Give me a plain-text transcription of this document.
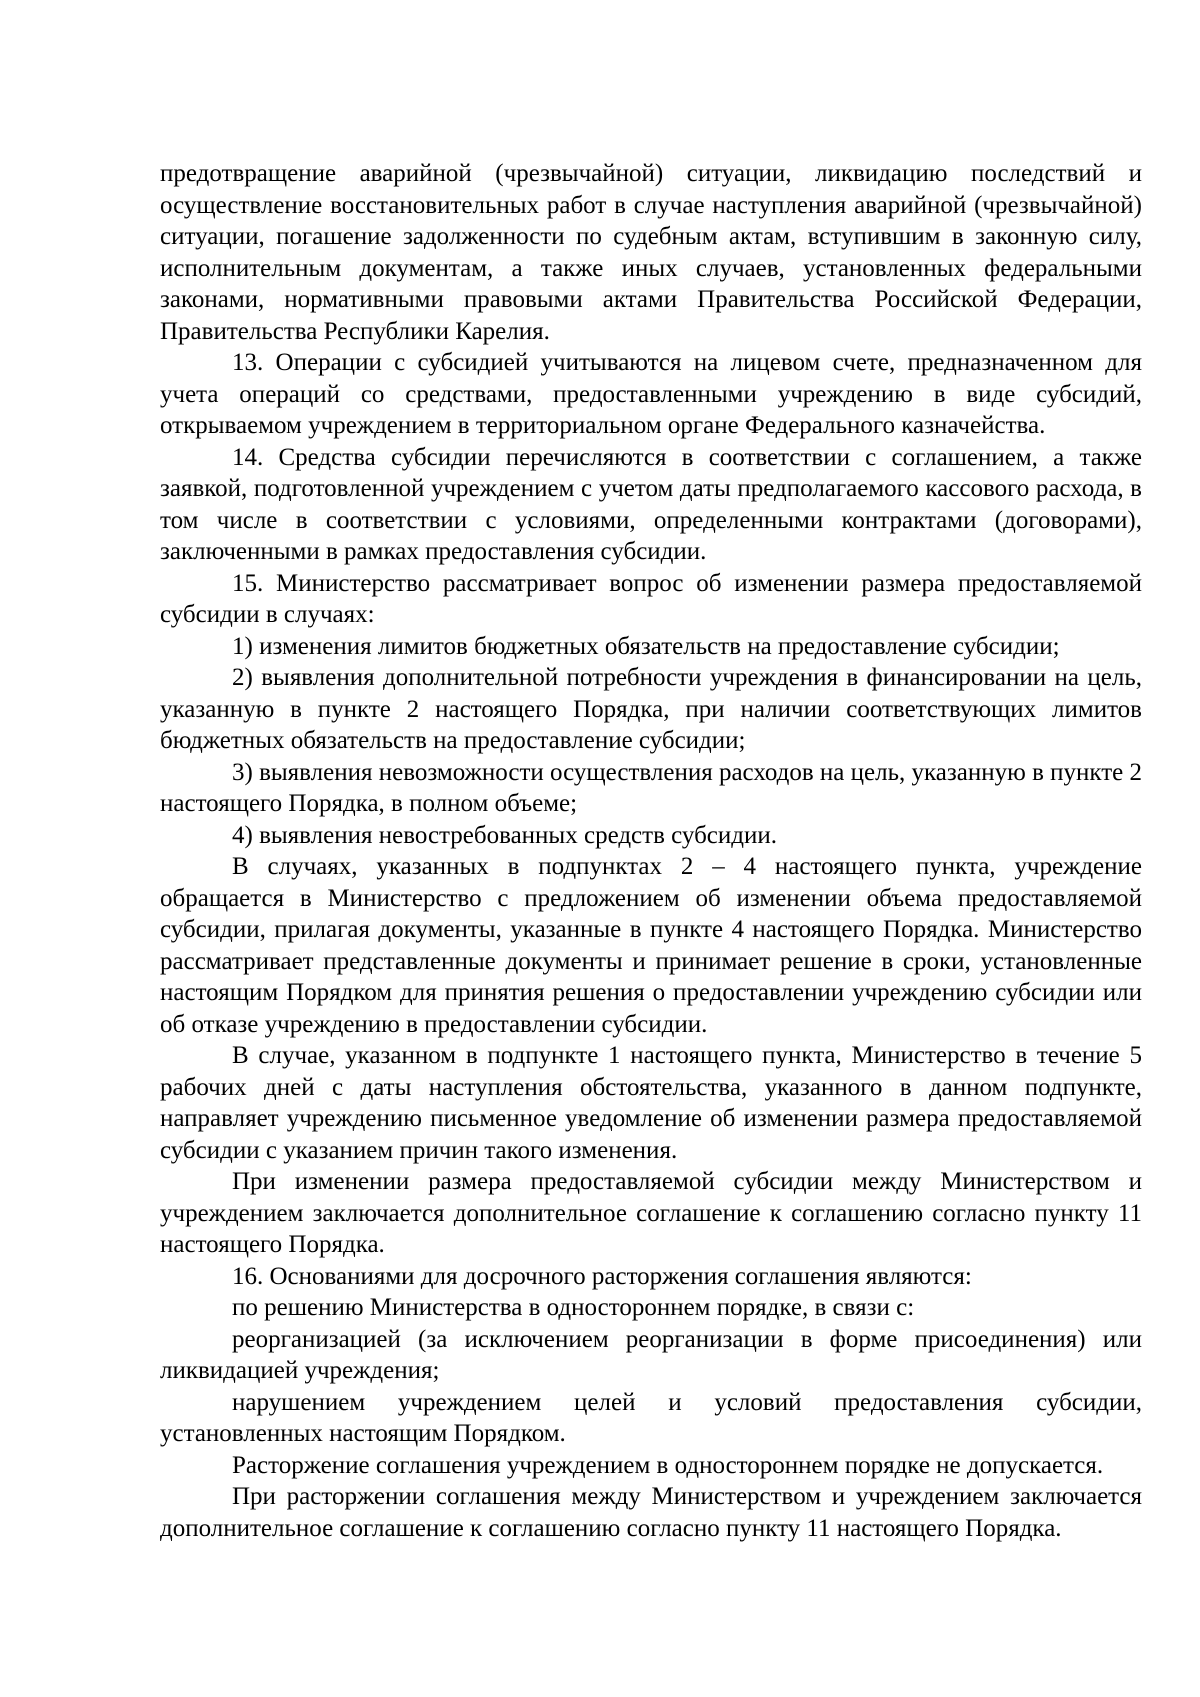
предотвращение аварийной (чрезвычайной) ситуации, ликвидацию последствий и осуществление восстановительных работ в случае наступления аварийной (чрезвычайной) ситуации, погашение задолженности по судебным актам, вступившим в законную силу, исполнительным документам, а также иных случаев, установленных федеральными законами, нормативными правовыми актами Правительства Российской Федерации, Правительства Республики Карелия.

13. Операции с субсидией учитываются на лицевом счете, предназначенном для учета операций со средствами, предоставленными учреждению в виде субсидий, открываемом учреждением в территориальном органе Федерального казначейства.

14. Средства субсидии перечисляются в соответствии с соглашением, а также заявкой, подготовленной учреждением с учетом даты предполагаемого кассового расхода, в том числе в соответствии с условиями, определенными контрактами (договорами), заключенными в рамках предоставления субсидии.

15. Министерство рассматривает вопрос об изменении размера предоставляемой субсидии в случаях:

1) изменения лимитов бюджетных обязательств на предоставление субсидии;

2) выявления дополнительной потребности учреждения в финансировании на цель, указанную в пункте 2 настоящего Порядка, при наличии соответствующих лимитов бюджетных обязательств на предоставление субсидии;

3) выявления невозможности осуществления расходов на цель, указанную в пункте 2 настоящего Порядка, в полном объеме;

4) выявления невостребованных средств субсидии.

В случаях, указанных в подпунктах 2 – 4 настоящего пункта, учреждение обращается в Министерство с предложением об изменении объема предоставляемой субсидии, прилагая документы, указанные в пункте 4 настоящего Порядка. Министерство рассматривает представленные документы и принимает решение в сроки, установленные настоящим Порядком для принятия решения о предоставлении учреждению субсидии или об отказе учреждению в предоставлении субсидии.

В случае, указанном в подпункте 1 настоящего пункта, Министерство в течение 5 рабочих дней с даты наступления обстоятельства, указанного в данном подпункте, направляет учреждению письменное уведомление об изменении размера предоставляемой субсидии с указанием причин такого изменения.

При изменении размера предоставляемой субсидии между Министерством и учреждением заключается дополнительное соглашение к соглашению согласно пункту 11 настоящего Порядка.

16. Основаниями для досрочного расторжения соглашения являются:

по решению Министерства в одностороннем порядке, в связи с:

реорганизацией (за исключением реорганизации в форме присоединения) или ликвидацией учреждения;

нарушением учреждением целей и условий предоставления субсидии, установленных настоящим Порядком.

Расторжение соглашения учреждением в одностороннем порядке не допускается.

При расторжении соглашения между Министерством и учреждением заключается дополнительное соглашение к соглашению согласно пункту 11 настоящего Порядка.
